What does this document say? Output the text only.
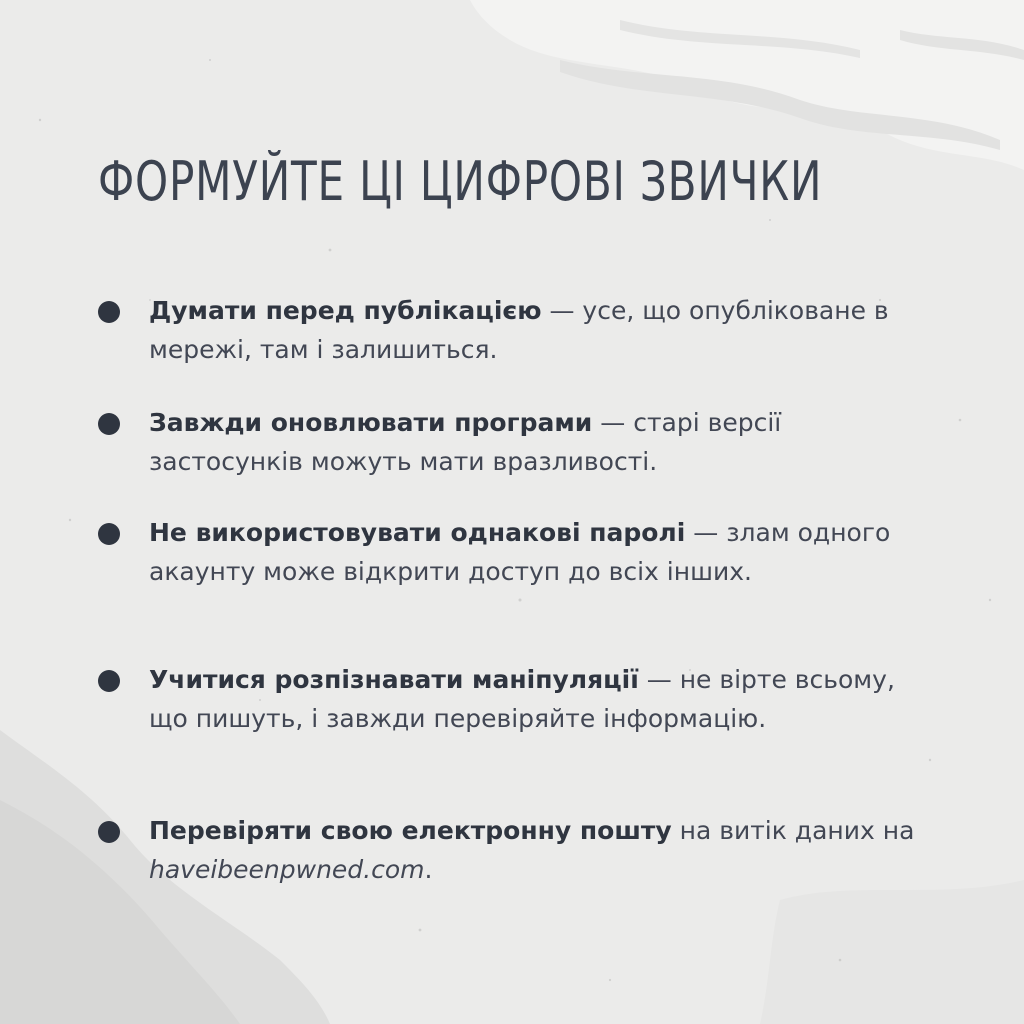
ФОРМУЙТЕ ЦІ ЦИФРОВІ ЗВИЧКИ
Думати перед публікацією — усе, що опубліковане в мережі, там і залишиться.
Завжди оновлювати програми — старі версії застосунків можуть мати вразливості.
Не використовувати однакові паролі — злам одного акаунту може відкрити доступ до всіх інших.
Учитися розпізнавати маніпуляції — не вірте всьому, що пишуть, і завжди перевіряйте інформацію.
Перевіряти свою електронну пошту на витік даних на haveibeenpwned.com.
